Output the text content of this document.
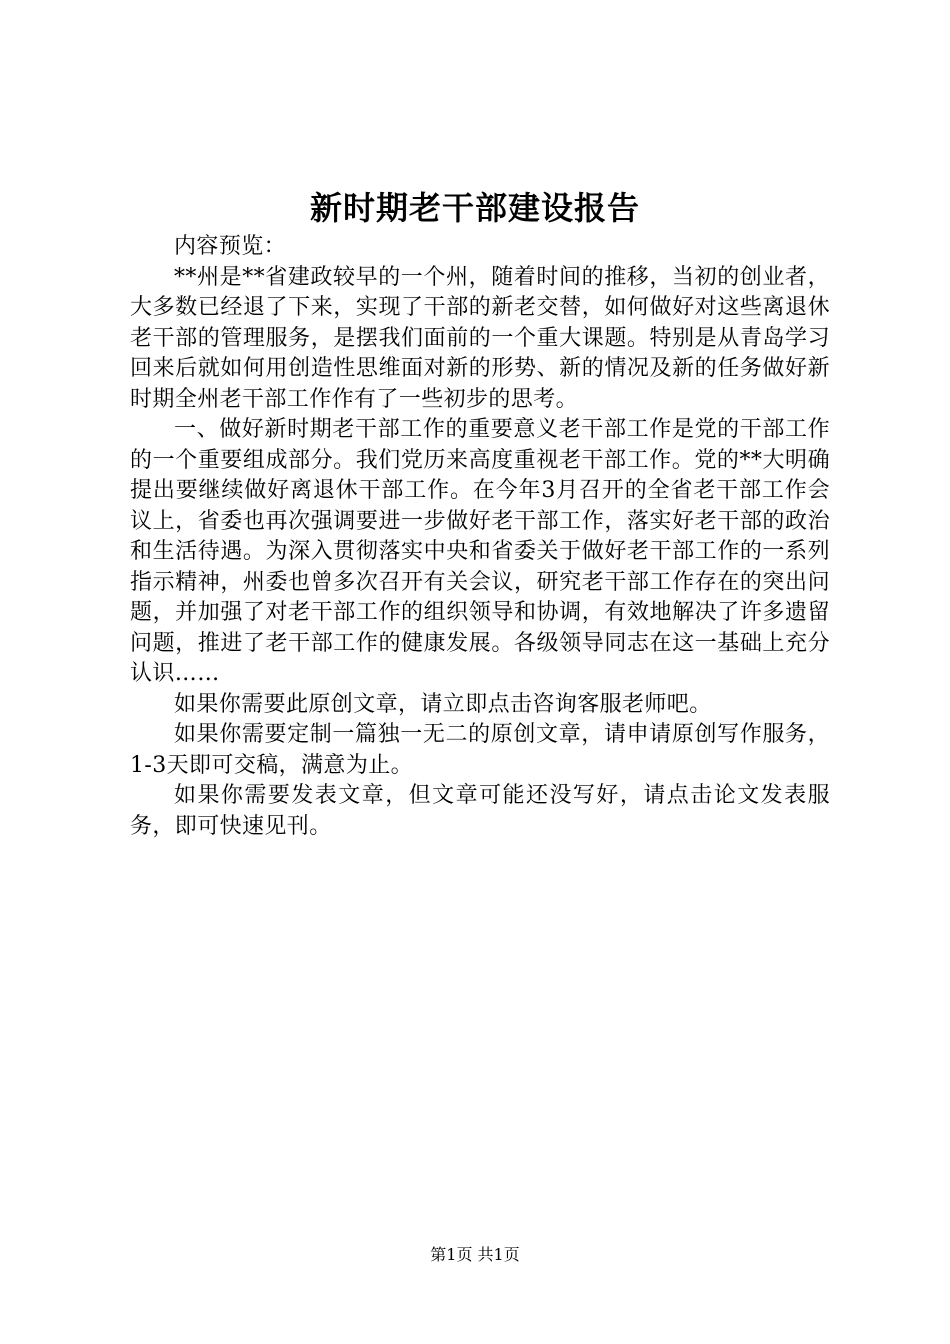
新时期老干部建设报告

内容预览：

**州是**省建政较早的一个州，随着时间的推移，当初的创业者，大多数已经退了下来，实现了干部的新老交替，如何做好对这些离退休老干部的管理服务，是摆我们面前的一个重大课题。特别是从青岛学习回来后就如何用创造性思维面对新的形势、新的情况及新的任务做好新时期全州老干部工作作有了一些初步的思考。

一、做好新时期老干部工作的重要意义老干部工作是党的干部工作的一个重要组成部分。我们党历来高度重视老干部工作。党的**大明确提出要继续做好离退休干部工作。在今年3月召开的全省老干部工作会议上，省委也再次强调要进一步做好老干部工作，落实好老干部的政治和生活待遇。为深入贯彻落实中央和省委关于做好老干部工作的一系列指示精神，州委也曾多次召开有关会议，研究老干部工作存在的突出问题，并加强了对老干部工作的组织领导和协调，有效地解决了许多遗留问题，推进了老干部工作的健康发展。各级领导同志在这一基础上充分认识……

如果你需要此原创文章，请立即点击咨询客服老师吧。

如果你需要定制一篇独一无二的原创文章，请申请原创写作服务，1-3天即可交稿，满意为止。

如果你需要发表文章，但文章可能还没写好，请点击论文发表服务，即可快速见刊。

第1页 共1页
